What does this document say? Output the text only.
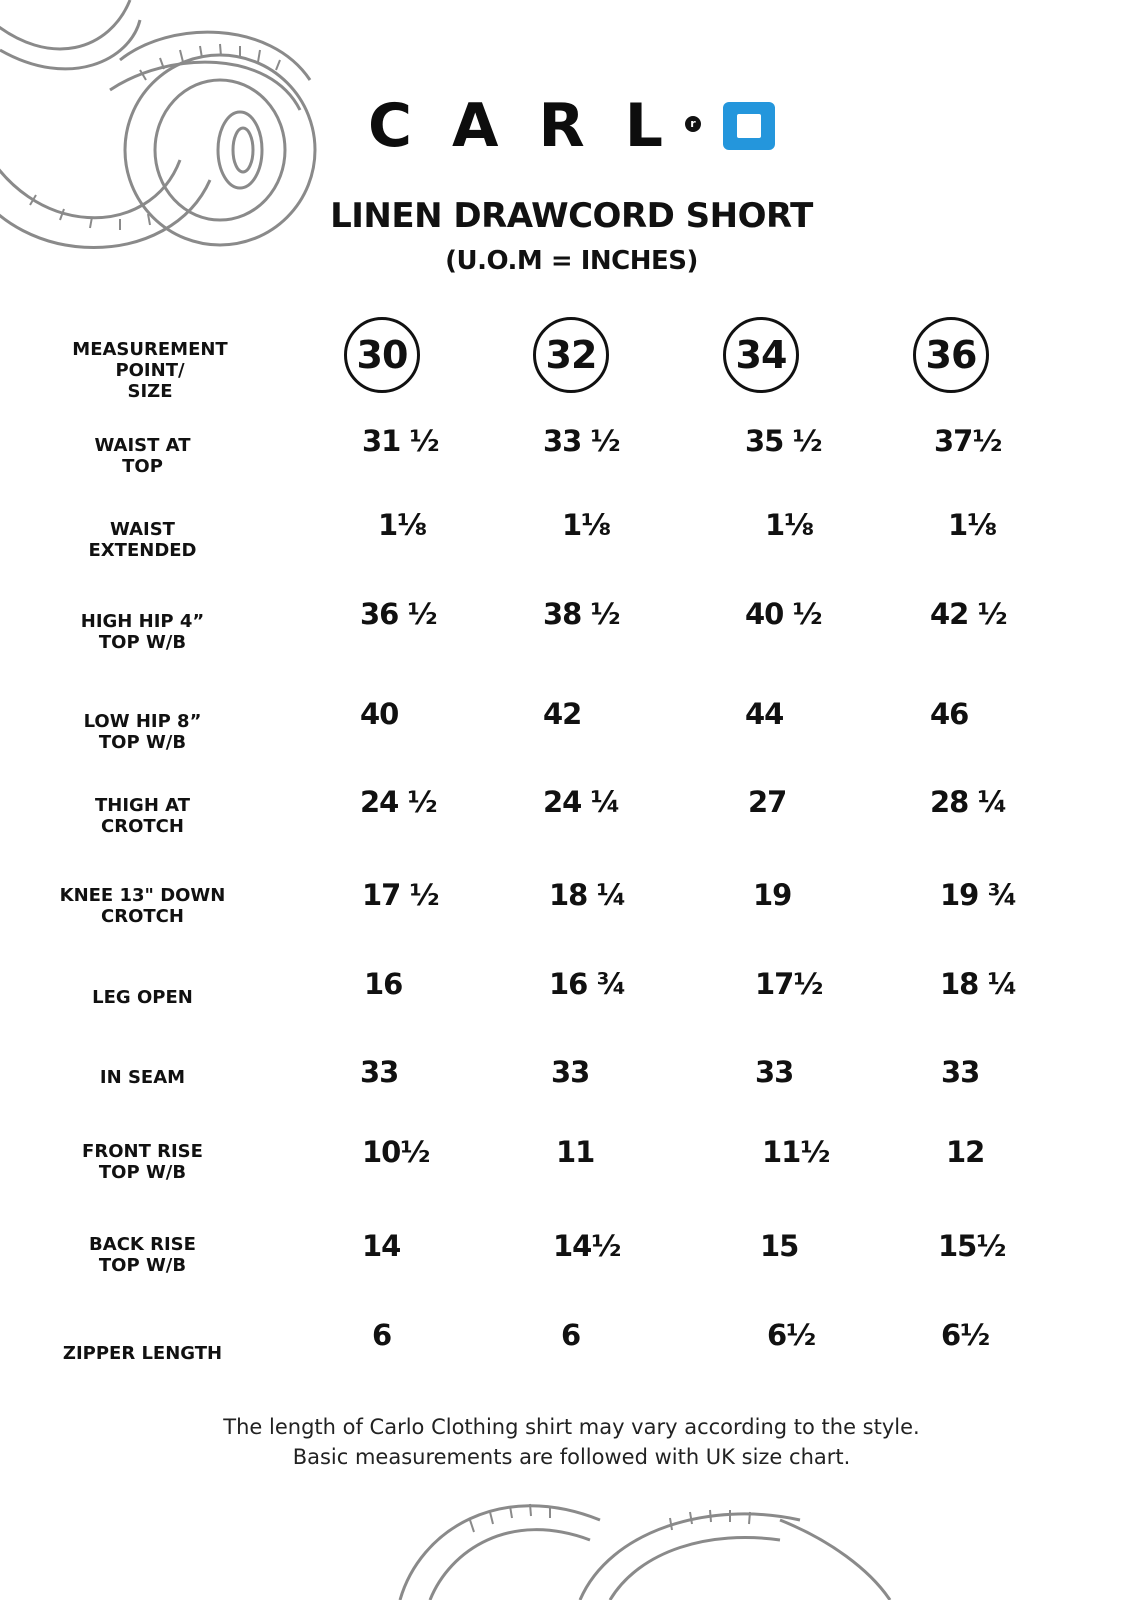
C A R L	r
LINEN DRAWCORD SHORT
(U.O.M = INCHES)
MEASUREMENT POINT/
SIZE
30	32	34	36
WAIST AT
TOP
31 ½	33 ½	35 ½	37½
WAIST
EXTENDED
1⅛	1⅛	1⅛	1⅛
HIGH HIP 4”
TOP W/B
36 ½	38 ½	40 ½	42 ½
LOW HIP 8”
TOP W/B
40	42	44	46
THIGH AT
CROTCH
24 ½	24 ¼	27	28 ¼
KNEE 13" DOWN
CROTCH
17 ½	18 ¼	19	19 ¾
LEG OPEN	16	16 ¾	17½	18 ¼
IN SEAM	33	33	33	33
FRONT RISE
TOP W/B
10½	11	11½	12
BACK RISE
TOP W/B
14	14½	15	15½
ZIPPER LENGTH
6	6	6½	6½
The length of Carlo Clothing shirt may vary according to the style.
Basic measurements are followed with UK size chart.
